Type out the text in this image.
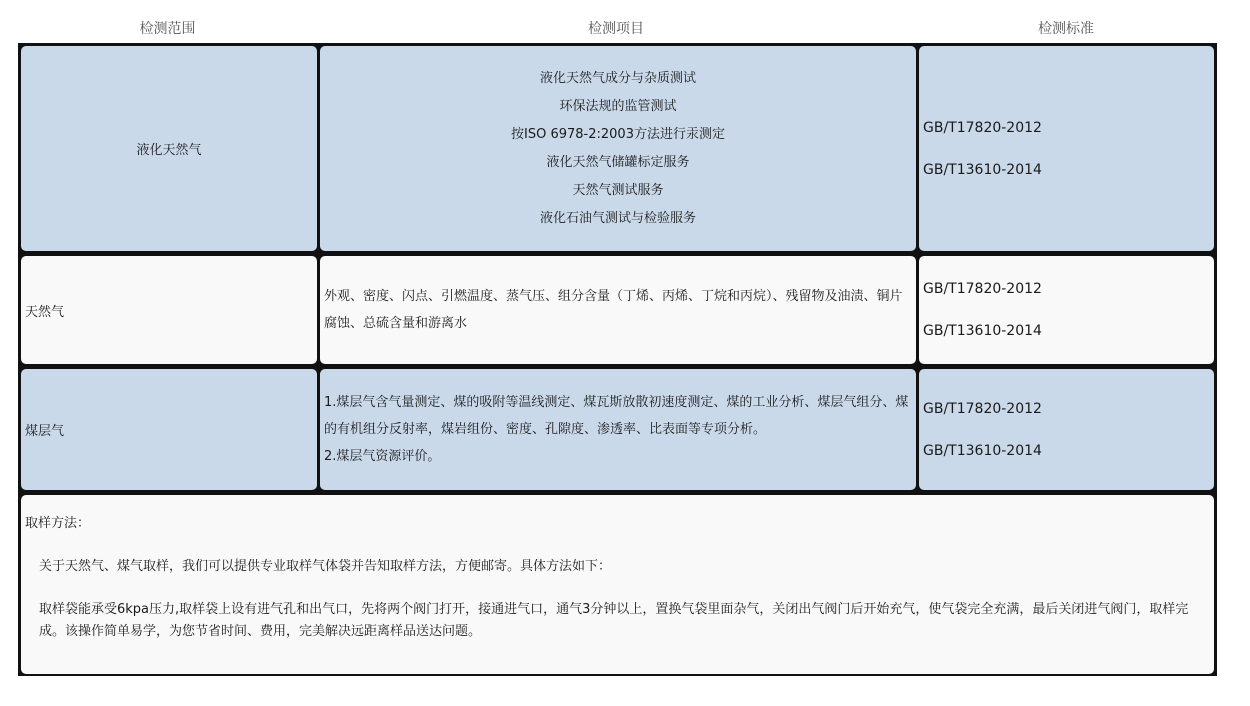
检测范围	检测项目	检测标准
液化天然气
液化天然气成分与杂质测试
环保法规的监管测试
按ISO 6978-2:2003方法进行汞测定
液化天然气储罐标定服务
天然气测试服务
液化石油气测试与检验服务
GB/T17820-2012
GB/T13610-2014
天然气
外观、密度、闪点、引燃温度、蒸气压、组分含量（丁烯、丙烯、丁烷和丙烷）、残留物及油渍、铜片腐蚀、总硫含量和游离水
GB/T17820-2012
GB/T13610-2014
煤层气
1.煤层气含气量测定、煤的吸附等温线测定、煤瓦斯放散初速度测定、煤的工业分析、煤层气组分、煤的有机组分反射率，煤岩组份、密度、孔隙度、渗透率、比表面等专项分析。
2.煤层气资源评价。
GB/T17820-2012
GB/T13610-2014

取样方法：

关于天然气、煤气取样，我们可以提供专业取样气体袋并告知取样方法，方便邮寄。具体方法如下：

取样袋能承受6kpa压力,取样袋上设有进气孔和出气口，先将两个阀门打开，接通进气口，通气3分钟以上，置换气袋里面杂气，关闭出气阀门后开始充气，使气袋完全充满，最后关闭进气阀门，取样完成。该操作简单易学，为您节省时间、费用，完美解决远距离样品送达问题。
